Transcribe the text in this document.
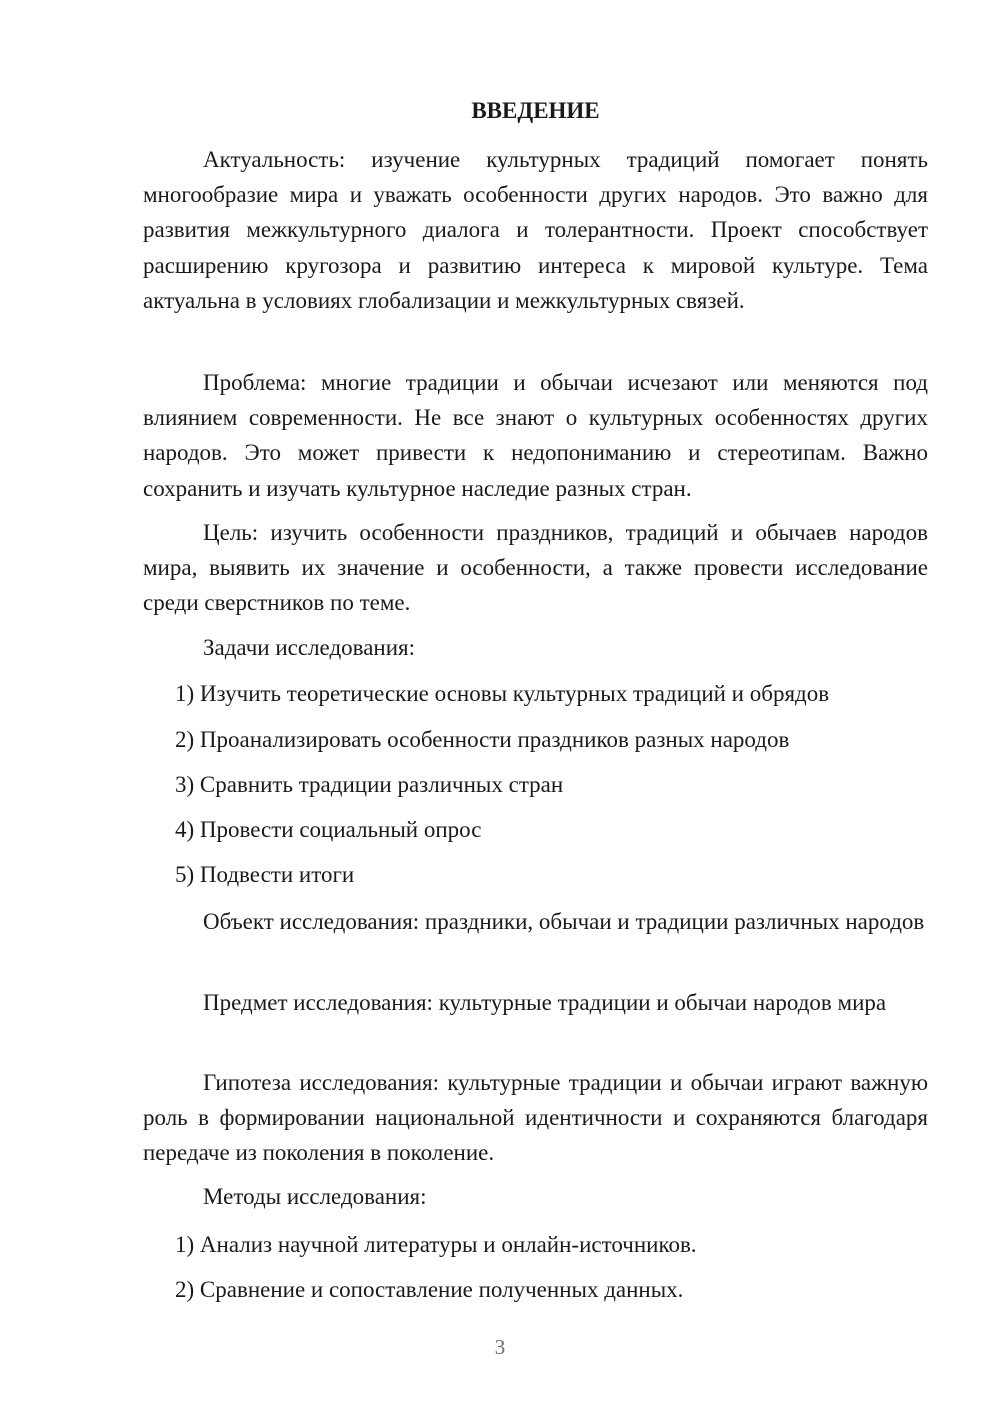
ВВЕДЕНИЕ

Актуальность: изучение культурных традиций помогает понять многообразие мира и уважать особенности других народов. Это важно для развития межкультурного диалога и толерантности. Проект способствует расширению кругозора и развитию интереса к мировой культуре. Тема актуальна в условиях глобализации и межкультурных связей.

Проблема: многие традиции и обычаи исчезают или меняются под влиянием современности. Не все знают о культурных особенностях других народов. Это может привести к недопониманию и стереотипам. Важно сохранить и изучать культурное наследие разных стран.

Цель: изучить особенности праздников, традиций и обычаев народов мира, выявить их значение и особенности, а также провести исследование среди сверстников по теме.

Задачи исследования:
1) Изучить теоретические основы культурных традиций и обрядов
2) Проанализировать особенности праздников разных народов
3) Сравнить традиции различных стран
4) Провести социальный опрос
5) Подвести итоги

Объект исследования: праздники, обычаи и традиции различных народов

Предмет исследования: культурные традиции и обычаи народов мира

Гипотеза исследования: культурные традиции и обычаи играют важную роль в формировании национальной идентичности и сохраняются благодаря передаче из поколения в поколение.

Методы исследования:
1) Анализ научной литературы и онлайн-источников.
2) Сравнение и сопоставление полученных данных.
3
